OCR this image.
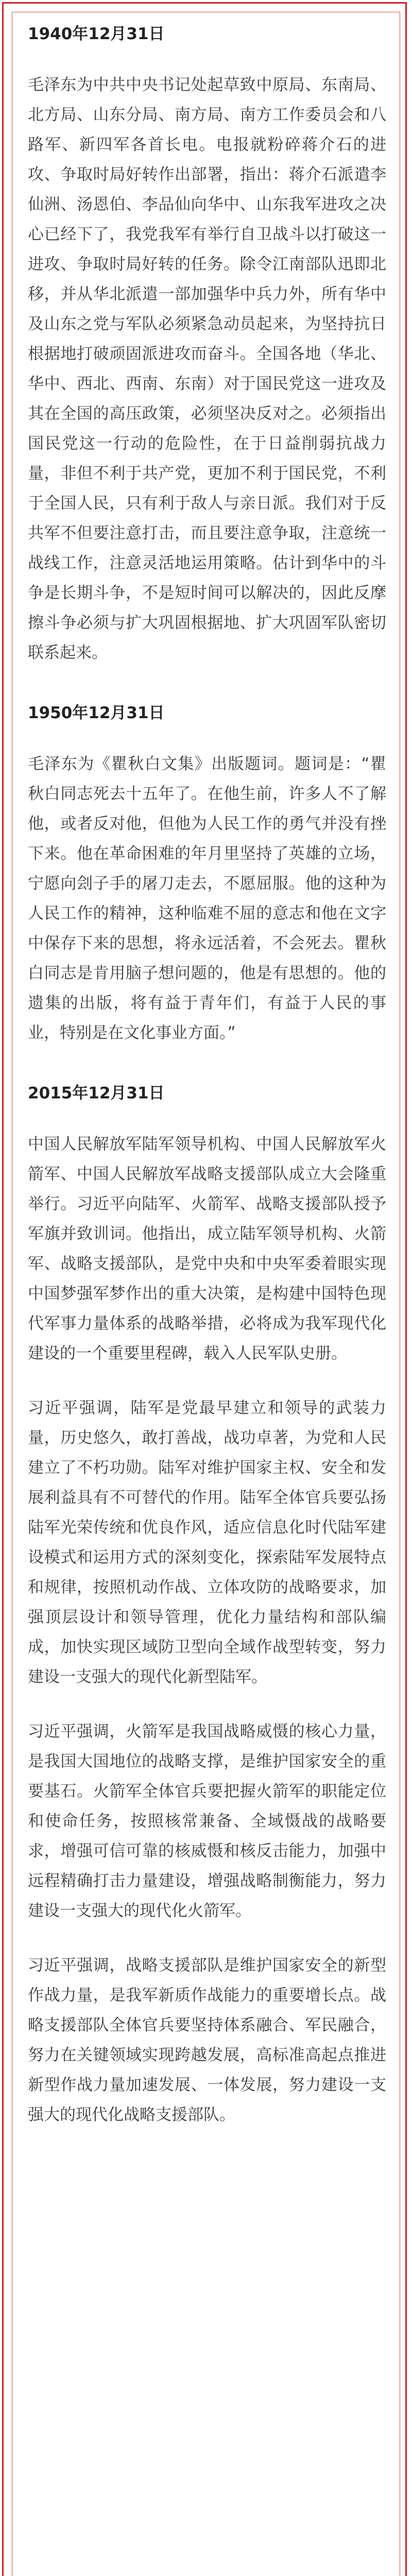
1940年12月31日

毛泽东为中共中央书记处起草致中原局、东南局、北方局、山东分局、南方局、南方工作委员会和八路军、新四军各首长电。电报就粉碎蒋介石的进攻、争取时局好转作出部署，指出：蒋介石派遣李仙洲、汤恩伯、李品仙向华中、山东我军进攻之决心已经下了，我党我军有举行自卫战斗以打破这一进攻、争取时局好转的任务。除令江南部队迅即北移，并从华北派遣一部加强华中兵力外，所有华中及山东之党与军队必须紧急动员起来，为坚持抗日根据地打破顽固派进攻而奋斗。全国各地（华北、华中、西北、西南、东南）对于国民党这一进攻及其在全国的高压政策，必须坚决反对之。必须指出国民党这一行动的危险性，在于日益削弱抗战力量，非但不利于共产党，更加不利于国民党，不利于全国人民，只有利于敌人与亲日派。我们对于反共军不但要注意打击，而且要注意争取，注意统一战线工作，注意灵活地运用策略。估计到华中的斗争是长期斗争，不是短时间可以解决的，因此反摩擦斗争必须与扩大巩固根据地、扩大巩固军队密切联系起来。

1950年12月31日

毛泽东为《瞿秋白文集》出版题词。题词是：“瞿秋白同志死去十五年了。在他生前，许多人不了解他，或者反对他，但他为人民工作的勇气并没有挫下来。他在革命困难的年月里坚持了英雄的立场，宁愿向刽子手的屠刀走去，不愿屈服。他的这种为人民工作的精神，这种临难不屈的意志和他在文字中保存下来的思想，将永远活着，不会死去。瞿秋白同志是肯用脑子想问题的，他是有思想的。他的遗集的出版，将有益于青年们，有益于人民的事业，特别是在文化事业方面。”

2015年12月31日

中国人民解放军陆军领导机构、中国人民解放军火箭军、中国人民解放军战略支援部队成立大会隆重举行。习近平向陆军、火箭军、战略支援部队授予军旗并致训词。他指出，成立陆军领导机构、火箭军、战略支援部队，是党中央和中央军委着眼实现中国梦强军梦作出的重大决策，是构建中国特色现代军事力量体系的战略举措，必将成为我军现代化建设的一个重要里程碑，载入人民军队史册。

习近平强调，陆军是党最早建立和领导的武装力量，历史悠久，敢打善战，战功卓著，为党和人民建立了不朽功勋。陆军对维护国家主权、安全和发展利益具有不可替代的作用。陆军全体官兵要弘扬陆军光荣传统和优良作风，适应信息化时代陆军建设模式和运用方式的深刻变化，探索陆军发展特点和规律，按照机动作战、立体攻防的战略要求，加强顶层设计和领导管理，优化力量结构和部队编成，加快实现区域防卫型向全域作战型转变，努力建设一支强大的现代化新型陆军。

习近平强调，火箭军是我国战略威慑的核心力量，是我国大国地位的战略支撑，是维护国家安全的重要基石。火箭军全体官兵要把握火箭军的职能定位和使命任务，按照核常兼备、全域慑战的战略要求，增强可信可靠的核威慑和核反击能力，加强中远程精确打击力量建设，增强战略制衡能力，努力建设一支强大的现代化火箭军。

习近平强调，战略支援部队是维护国家安全的新型作战力量，是我军新质作战能力的重要增长点。战略支援部队全体官兵要坚持体系融合、军民融合，努力在关键领域实现跨越发展，高标准高起点推进新型作战力量加速发展、一体发展，努力建设一支强大的现代化战略支援部队。
